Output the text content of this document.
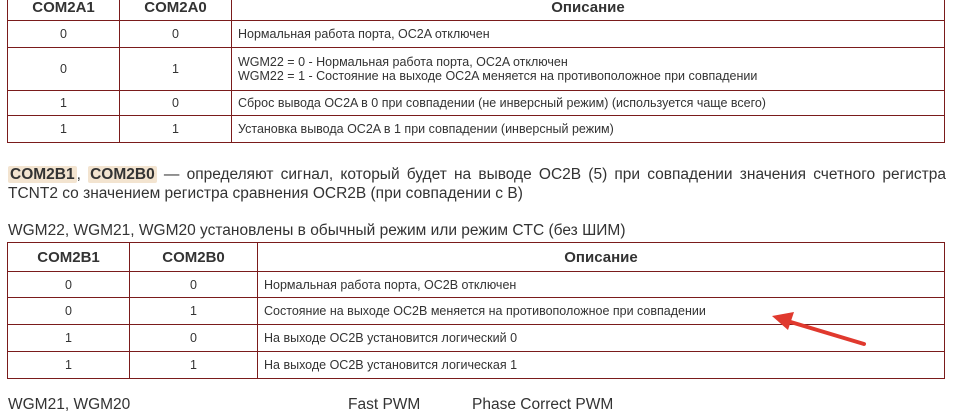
COM2A1	COM2A0	Описание
0	0	Нормальная работа порта, OC2A отключен
0	1	WGM22 = 0 - Нормальная работа порта, OC2A отключен
WGM22 = 1 - Состояние на выходе OC2A меняется на противоположное при совпадении

1	0	Сброс вывода OC2A в 0 при совпадении (не инверсный режим) (используется чаще всего)
1	1	Установка вывода OC2A в 1 при совпадении (инверсный режим)

COM2B1 , COM2B0 — определяют сигнал, который будет на выводе OC2B (5) при совпадении значения счетного регистра TCNT2 со значением регистра сравнения OCR2B (при совпадении с B)

WGM22, WGM21, WGM20 установлены в обычный режим или режим CTC (без ШИМ)
COM2B1	COM2B0	Описание
0	0	Нормальная работа порта, OC2B отключен
0	1	Состояние на выходе OC2B меняется на противоположное при совпадении
1	0	На выходе OC2B установится логический 0
1	1	На выходе OC2B установится логическая 1
WGM21, WGM20	Fast PWM	Phase Correct PWM
